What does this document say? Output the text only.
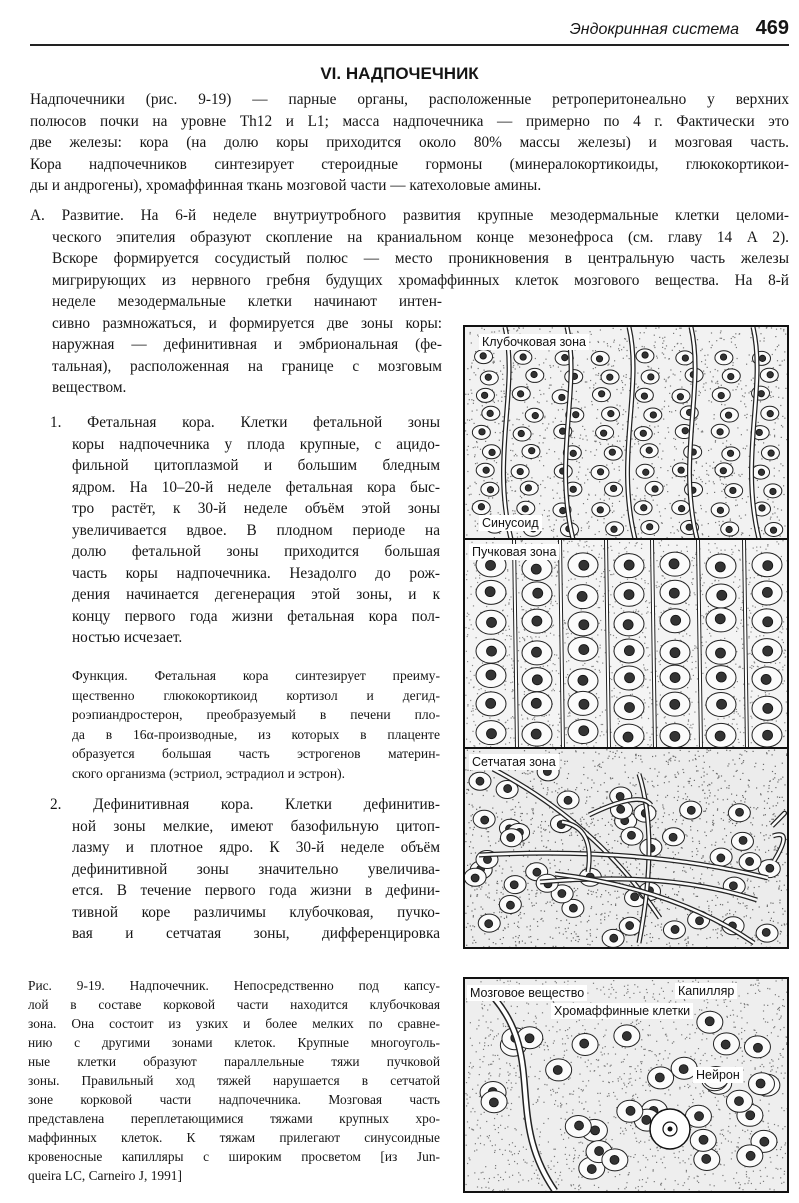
Эндокринная система 469
VI. НАДПОЧЕЧНИК
Надпочечники (рис. 9-19) — парные органы, расположенные ретроперитонеально у верхних
полюсов почки на уровне Th12 и L1; масса надпочечника — примерно по 4 г. Фактически это
две железы: кора (на долю коры приходится около 80% массы железы) и мозговая часть.
Кора надпочечников синтезирует стероидные гормоны (минералокортикоиды, глюкокортикои-
ды и андрогены), хромаффинная ткань мозговой части — катехоловые амины.
А. Развитие. На 6-й неделе внутриутробного развития крупные мезодермальные клетки целоми-
ческого эпителия образуют скопление на краниальном конце мезонефроса (см. главу 14 А 2).
Вскоре формируется сосудистый полюс — место проникновения в центральную часть железы
мигрирующих из нервного гребня будущих хромаффинных клеток мозгового вещества. На 8-й
неделе мезодермальные клетки начинают интен-
сивно размножаться, и формируется две зоны коры:
наружная — дефинитивная и эмбриональная (фе-
тальная), расположенная на границе с мозговым
веществом.
1. Фетальная кора. Клетки фетальной зоны
коры надпочечника у плода крупные, с ацидо-
фильной цитоплазмой и большим бледным
ядром. На 10–20-й неделе фетальная кора быс-
тро растёт, к 30-й неделе объём этой зоны
увеличивается вдвое. В плодном периоде на
долю фетальной зоны приходится большая
часть коры надпочечника. Незадолго до рож-
дения начинается дегенерация этой зоны, и к
концу первого года жизни фетальная кора пол-
ностью исчезает.
Функция. Фетальная кора синтезирует преиму-
щественно глюкокортикоид кортизол и дегид-
роэпиандростерон, преобразуемый в печени пло-
да в 16α-производные, из которых в плаценте
образуется большая часть эстрогенов материн-
ского организма (эстриол, эстрадиол и эстрон).
2. Дефинитивная кора. Клетки дефинитив-
ной зоны мелкие, имеют базофильную цитоп-
лазму и плотное ядро. К 30-й неделе объём
дефинитивной зоны значительно увеличива-
ется. В течение первого года жизни в дефини-
тивной коре различимы клубочковая, пучко-
вая и сетчатая зоны, дифференцировка
Рис. 9-19. Надпочечник. Непосредственно под капсу-
лой в составе корковой части находится клубочковая
зона. Она состоит из узких и более мелких по сравне-
нию с другими зонами клеток. Крупные многоуголь-
ные клетки образуют параллельные тяжи пучковой
зоны. Правильный ход тяжей нарушается в сетчатой
зоне корковой части надпочечника. Мозговая часть
представлена переплетающимися тяжами крупных хро-
маффинных клеток. К тяжам прилегают синусоидные
кровеносные капилляры с широким просветом [из Jun-
queira LC, Carneiro J, 1991]
Клубочковая зона
Синусоид
Пучковая зона
Сетчатая зона
Мозговое вещество	Капилляр
Хромаффинные клетки
Нейрон
